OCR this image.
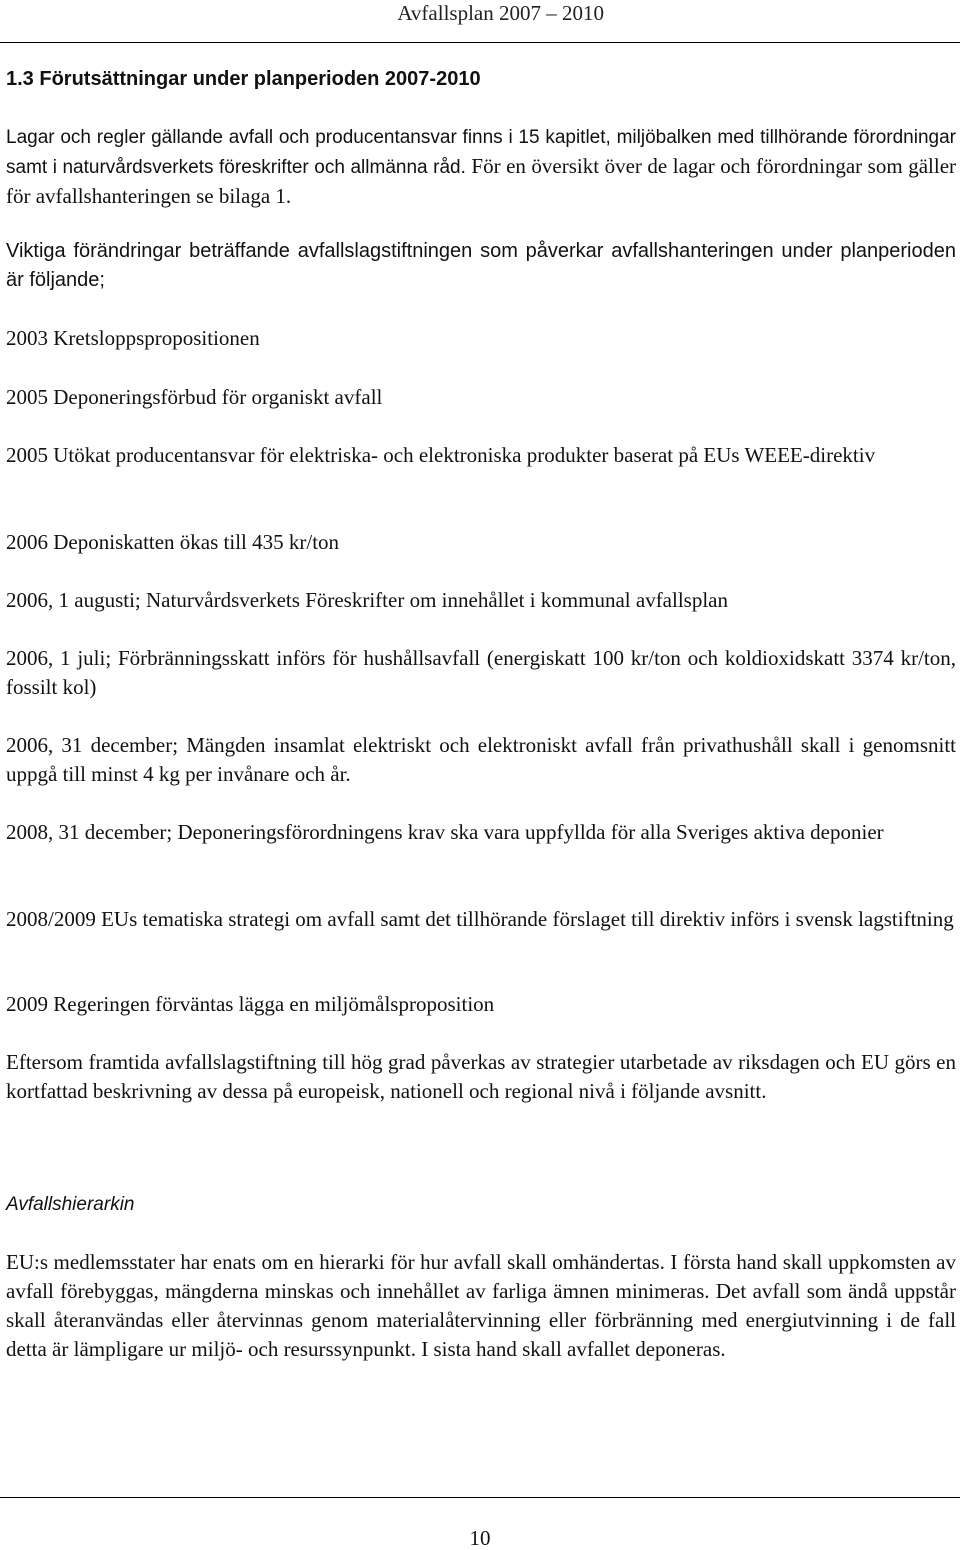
Avfallsplan 2007 – 2010
1.3 Förutsättningar under planperioden 2007-2010

Lagar och regler gällande avfall och producentansvar finns i 15 kapitlet, miljöbalken med tillhörande förordningar samt i naturvårdsverkets föreskrifter och allmänna råd. För en översikt över de lagar och förordningar som gäller för avfallshanteringen se bilaga 1.

Viktiga förändringar beträffande avfallslagstiftningen som påverkar avfallshanteringen under planperioden är följande;

2003 Kretsloppspropositionen

2005 Deponeringsförbud för organiskt avfall

2005 Utökat producentansvar för elektriska- och elektroniska produkter baserat på EUs WEEE-direktiv

2006 Deponiskatten ökas till 435 kr/ton

2006, 1 augusti; Naturvårdsverkets Föreskrifter om innehållet i kommunal avfallsplan

2006, 1 juli; Förbränningsskatt införs för hushållsavfall (energiskatt 100 kr/ton och koldioxidskatt 3374 kr/ton, fossilt kol)

2006, 31 december; Mängden insamlat elektriskt och elektroniskt avfall från privathushåll skall i genomsnitt uppgå till minst 4 kg per invånare och år.

2008, 31 december; Deponeringsförordningens krav ska vara uppfyllda för alla Sveriges aktiva deponier

2008/2009 EUs tematiska strategi om avfall samt det tillhörande förslaget till direktiv införs i svensk lagstiftning

2009 Regeringen förväntas lägga en miljömålsproposition

Eftersom framtida avfallslagstiftning till hög grad påverkas av strategier utarbetade av riksdagen och EU görs en kortfattad beskrivning av dessa på europeisk, nationell och regional nivå i följande avsnitt.

Avfallshierarkin

EU:s medlemsstater har enats om en hierarki för hur avfall skall omhändertas. I första hand skall uppkomsten av avfall förebyggas, mängderna minskas och innehållet av farliga ämnen minimeras. Det avfall som ändå uppstår skall återanvändas eller återvinnas genom materialåtervinning eller förbränning med energiutvinning i de fall detta är lämpligare ur miljö- och resurssynpunkt. I sista hand skall avfallet deponeras.

10
